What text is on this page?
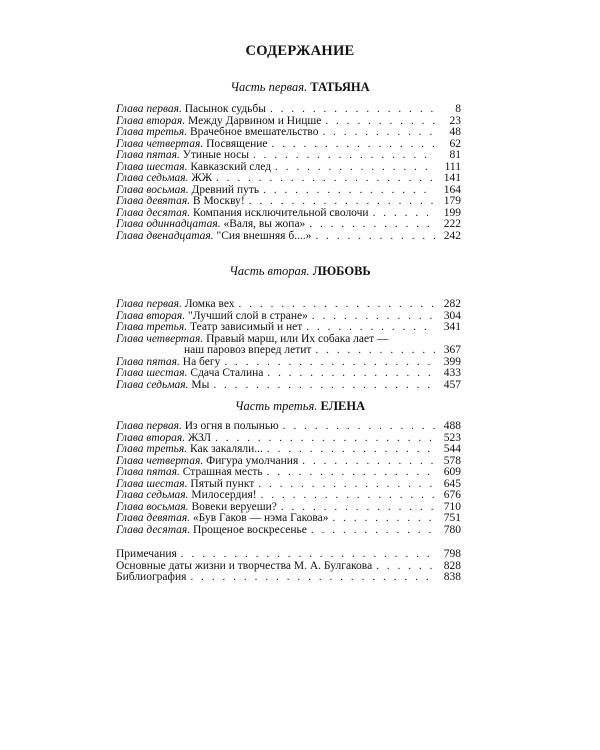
СОДЕРЖАНИЕ
Часть первая. ТАТЬЯНА
Глава первая. Пасынок судьбы . . .	8
Глава вторая. Между Дарвином и Ницше . . .	23
Глава третья. Врачебное вмешательство . . .	48
Глава четвертая. Посвящение . . .	62
Глава пятая. Утиные носы . . .	81
Глава шестая. Кавказский след . . .	111
Глава седьмая. ЖЖ . . .	141
Глава восьмая. Древний путь . . .	164
Глава девятая. В Москву! . . .	179
Глава десятая. Компания исключительной сволочи . . .	199
Глава одиннадцатая. «Валя, вы жопа» . . .	222
Глава двенадцатая. "Сия внешняя б....» . . .	242
Часть вторая. ЛЮБОВЬ
Глава первая. Ломка вех . . .	282
Глава вторая. "Лучший слой в стране» . . .	304
Глава третья. Театр зависимый и нет . . .	341
Глава четвертая. Правый марш, или Их собака лает —
наш паровоз вперед летит . . .	367
Глава пятая. На бегу . . .	399
Глава шестая. Сдача Сталина . . .	433
Глава седьмая. Мы . . .	457
Часть третья. ЕЛЕНА
Глава первая. Из огня в полынью . . .	488
Глава вторая. ЖЗЛ . . .	523
Глава третья. Как закаляли... . . .	544
Глава четвертая. Фигура умолчания . . .	578
Глава пятая. Страшная месть . . .	609
Глава шестая. Пятый пункт . . .	645
Глава седьмая. Милосердия! . . .	676
Глава восьмая. Вовеки веруеши? . . .	710
Глава девятая. «Був Гаков — нэма Гакова» . . .	751
Глава десятая. Прощеное воскресенье . . .	780
Примечания . . .	798
Основные даты жизни и творчества М. А. Булгакова . . .	828
Библиография . . .	838
